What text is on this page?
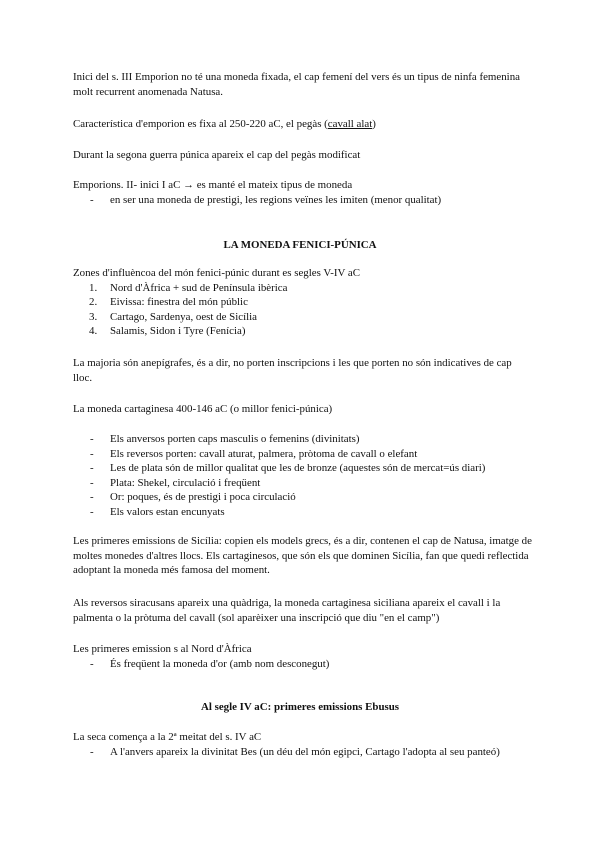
Inici del s. III Emporion no té una moneda fixada, el cap femení del vers és un tipus de ninfa femenina molt recurrent anomenada Natusa.

Característica d'emporion es fixa al 250-220 aC, el pegàs (cavall alat)

Durant la segona guerra púnica apareix el cap del pegàs modificat

Emporions. II- inici I aC → es manté el mateix tipus de moneda

- en ser una moneda de prestigi, les regions veïnes les imiten (menor qualitat)

LA MONEDA FENICI-PÚNICA

Zones d'influèncoa del món fenici-púnic durant es segles V-IV aC

1. Nord d'Àfrica + sud de Península ibèrica
2. Eivissa: finestra del món públic
3. Cartago, Sardenya, oest de Sicília
4. Salamis, Sidon i Tyre (Fenícia)

La majoria són anepígrafes, és a dir, no porten inscripcions i les que porten no són indicatives de cap lloc.

La moneda cartaginesa 400-146 aC (o millor fenici-púnica)

- Els anversos porten caps masculis o femenins (divinitats)
- Els reversos porten: cavall aturat, palmera, pròtoma de cavall o elefant
- Les de plata són de millor qualitat que les de bronze (aquestes són de mercat=ús diari)
- Plata: Shekel, circulació i freqüent
- Or: poques, és de prestigi i poca circulació
- Els valors estan encunyats

Les primeres emissions de Sicília: copien els models grecs, és a dir, contenen el cap de Natusa, imatge de moltes monedes d'altres llocs. Els cartaginesos, que són els que dominen Sicília, fan que quedi reflectida adoptant la moneda més famosa del moment.

Als reversos siracusans apareix una quàdriga, la moneda cartaginesa siciliana apareix el cavall i la palmenta o la pròtuma del cavall (sol aparèixer una inscripció que diu "en el camp")

Les primeres emission s al Nord d'Àfrica

- És freqüent la moneda d'or (amb nom desconegut)

Al segle IV aC: primeres emissions Ebusus

La seca comença a la 2ª meitat del s. IV aC

- A l'anvers apareix la divinitat Bes (un déu del món egipci, Cartago l'adopta al seu panteó)
